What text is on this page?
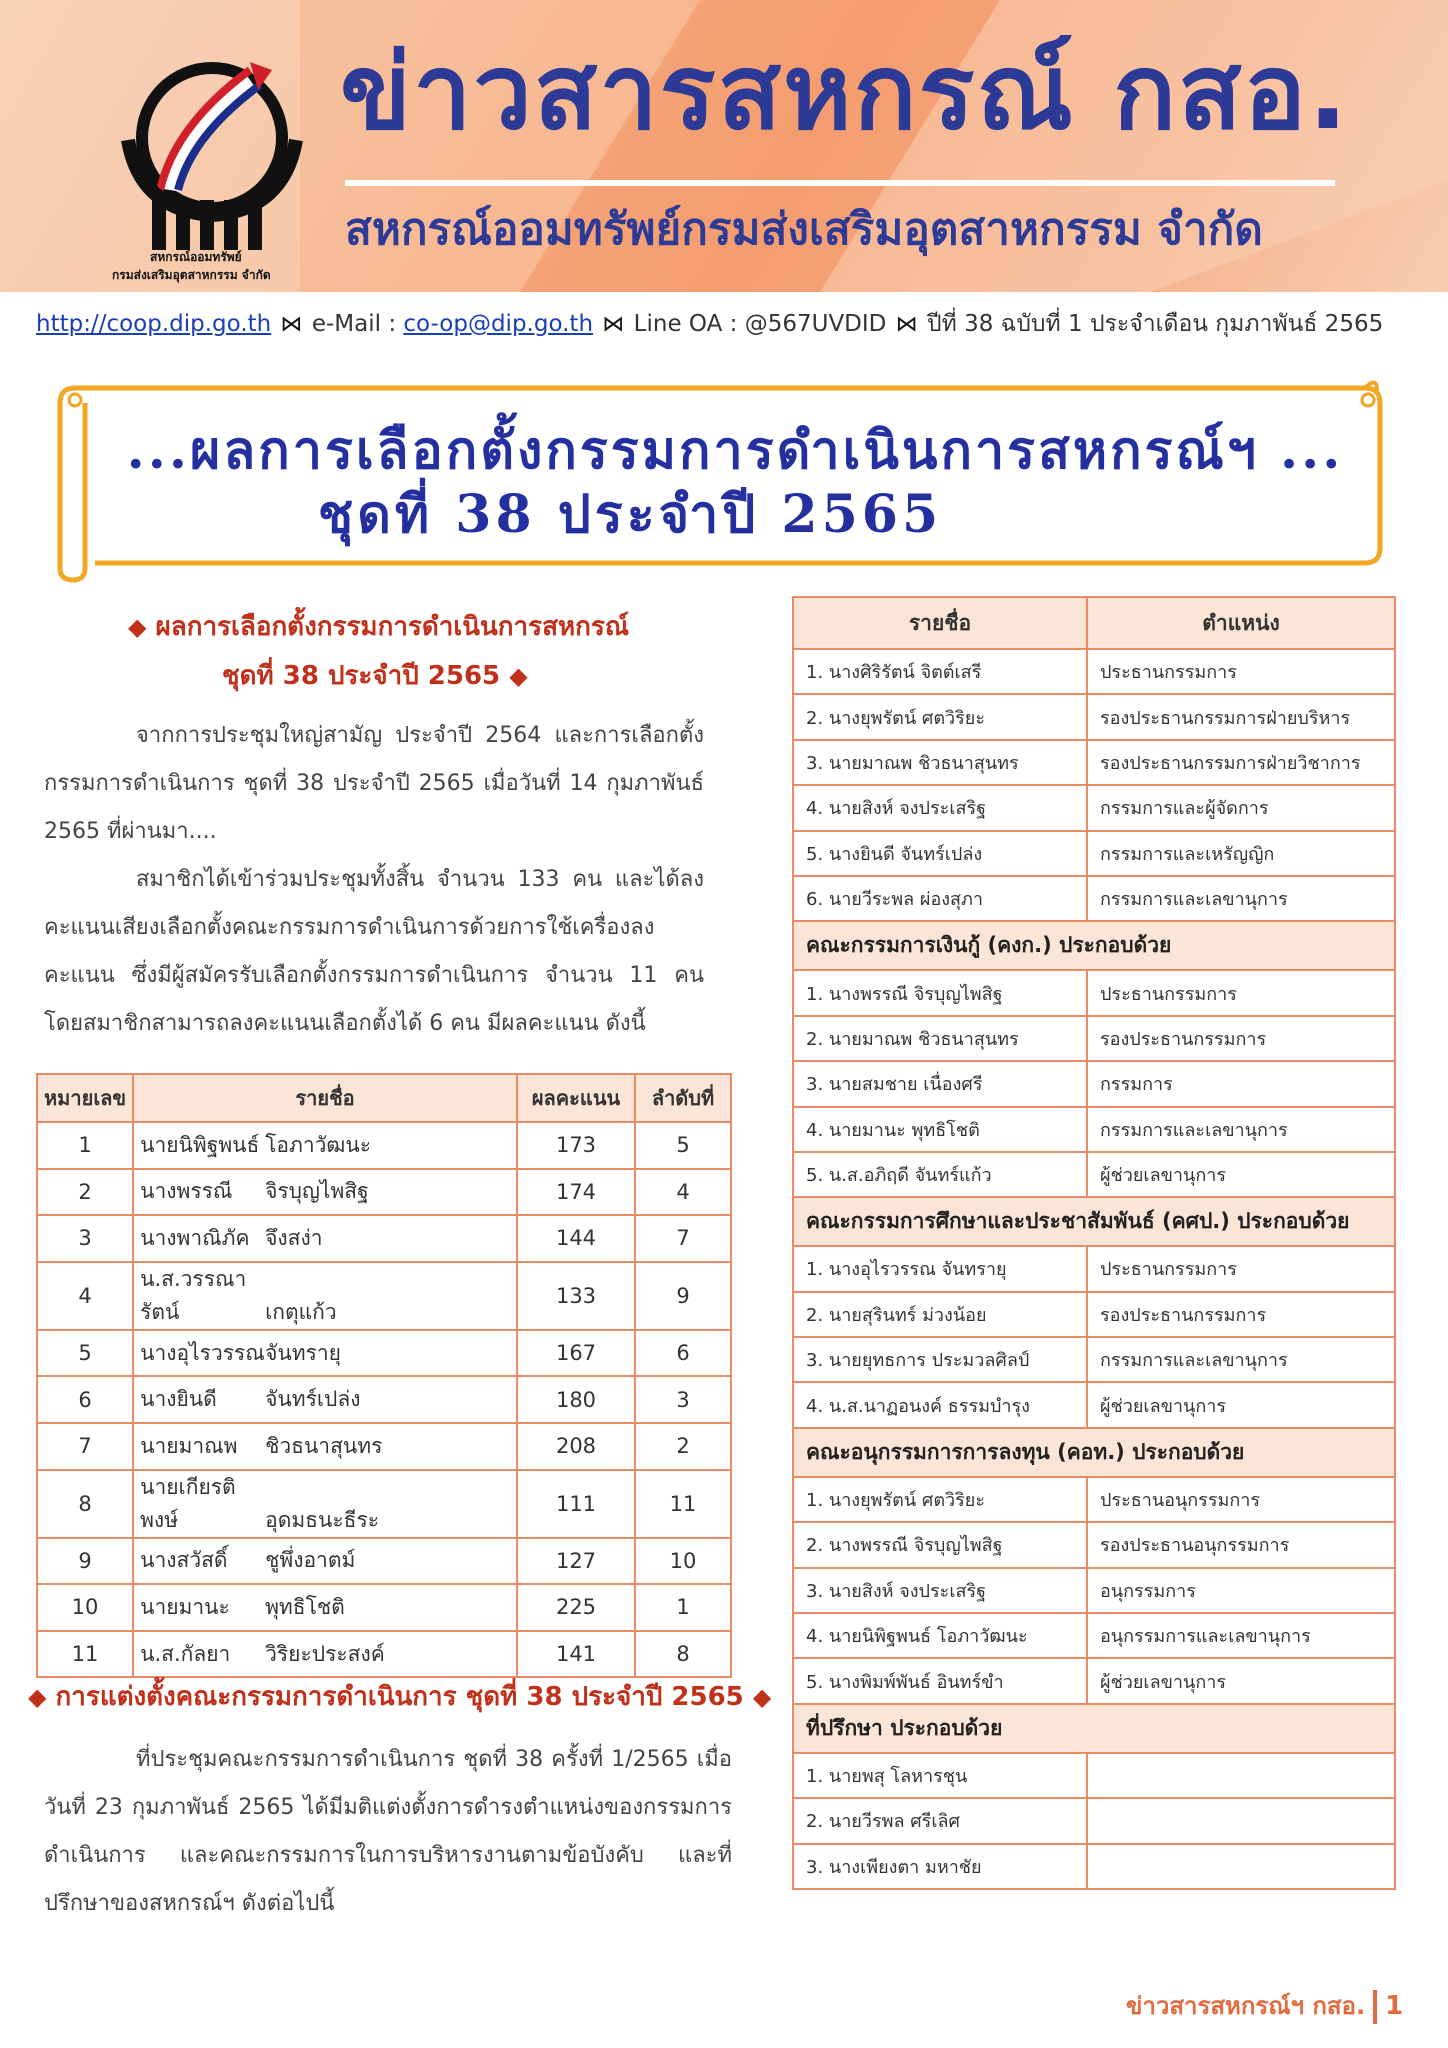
สหกรณ์ออมทรัพย์
กรมส่งเสริมอุตสาหกรรม จำกัด
ข่าวสารสหกรณ์ กสอ.
สหกรณ์ออมทรัพย์กรมส่งเสริมอุตสาหกรรม จำกัด
http://coop.dip.go.th ⋈ e-Mail : co-op@dip.go.th ⋈ Line OA : @567UVDID ⋈ ปีที่ 38 ฉบับที่ 1 ประจำเดือน กุมภาพันธ์ 2565
...ผลการเลือกตั้งกรรมการดำเนินการสหกรณ์ฯ ...
ชุดที่ 38 ประจำปี 2565
◆ ผลการเลือกตั้งกรรมการดำเนินการสหกรณ์
ชุดที่ 38 ประจำปี 2565 ◆

จากการประชุมใหญ่สามัญ ประจำปี 2564 และการเลือกตั้งกรรมการดำเนินการ ชุดที่ 38 ประจำปี 2565 เมื่อวันที่ 14 กุมภาพันธ์ 2565 ที่ผ่านมา....

สมาชิกได้เข้าร่วมประชุมทั้งสิ้น จำนวน 133 คน และได้ลงคะแนนเสียงเลือกตั้งคณะกรรมการดำเนินการด้วยการใช้เครื่องลงคะแนน ซึ่งมีผู้สมัครรับเลือกตั้งกรรมการดำเนินการ จำนวน 11 คน โดยสมาชิกสามารถลงคะแนนเลือกตั้งได้ 6 คน มีผลคะแนน ดังนี้

หมายเลข	รายชื่อ	ผลคะแนน	ลำดับที่
1	นายนิพิฐพนธ์ โอภาวัฒนะ	173	5
2	นางพรรณี จิรบุญไพสิฐ	174	4
3	นางพาณิภัค จึงสง่า	144	7
4	น.ส.วรรณารัตน์ เกตุแก้ว	133	9
5	นางอุไรวรรณจันทรายุ	167	6
6	นางยินดี จันทร์เปล่ง	180	3
7	นายมาณพ ชิวธนาสุนทร	208	2
8	นายเกียรติพงษ์ อุดมธนะธีระ	111	11
9	นางสวัสดิ์ ชูพึ่งอาตม์	127	10
10	นายมานะ พุทธิโชติ	225	1
11	น.ส.กัลยา วิริยะประสงค์	141	8
◆ การแต่งตั้งคณะกรรมการดำเนินการ ชุดที่ 38 ประจำปี 2565 ◆

ที่ประชุมคณะกรรมการดำเนินการ ชุดที่ 38 ครั้งที่ 1/2565 เมื่อวันที่ 23 กุมภาพันธ์ 2565 ได้มีมติแต่งตั้งการดำรงตำแหน่งของกรรมการดำเนินการ และคณะกรรมการในการบริหารงานตามข้อบังคับ และที่ปรึกษาของสหกรณ์ฯ ดังต่อไปนี้

รายชื่อ	ตำแหน่ง
1. นางศิริรัตน์ จิตต์เสรี	ประธานกรรมการ
2. นางยุพรัตน์ ศตวิริยะ	รองประธานกรรมการฝ่ายบริหาร
3. นายมาณพ ชิวธนาสุนทร	รองประธานกรรมการฝ่ายวิชาการ
4. นายสิงห์ จงประเสริฐ	กรรมการและผู้จัดการ
5. นางยินดี จันทร์เปล่ง	กรรมการและเหรัญญิก
6. นายวีระพล ผ่องสุภา	กรรมการและเลขานุการ
คณะกรรมการเงินกู้ (คงก.) ประกอบด้วย	
1. นางพรรณี จิรบุญไพสิฐ	ประธานกรรมการ
2. นายมาณพ ชิวธนาสุนทร	รองประธานกรรมการ
3. นายสมชาย เนื่องศรี	กรรมการ
4. นายมานะ พุทธิโชติ	กรรมการและเลขานุการ
5. น.ส.อภิฤดี จันทร์แก้ว	ผู้ช่วยเลขานุการ
คณะกรรมการศึกษาและประชาสัมพันธ์ (คศป.) ประกอบด้วย	
1. นางอุไรวรรณ จันทรายุ	ประธานกรรมการ
2. นายสุรินทร์ ม่วงน้อย	รองประธานกรรมการ
3. นายยุทธการ ประมวลศิลป์	กรรมการและเลขานุการ
4. น.ส.นาฏอนงค์ ธรรมบำรุง	ผู้ช่วยเลขานุการ
คณะอนุกรรมการการลงทุน (คอท.) ประกอบด้วย	
1. นางยุพรัตน์ ศตวิริยะ	ประธานอนุกรรมการ
2. นางพรรณี จิรบุญไพสิฐ	รองประธานอนุกรรมการ
3. นายสิงห์ จงประเสริฐ	อนุกรรมการ
4. นายนิพิฐพนธ์ โอภาวัฒนะ	อนุกรรมการและเลขานุการ
5. นางพิมพ์พันธ์ อินทร์ขำ	ผู้ช่วยเลขานุการ
ที่ปรึกษา ประกอบด้วย	
1. นายพสุ โลหารชุน	
2. นายวีรพล ศรีเลิศ	
3. นางเพียงตา มหาชัย	
ข่าวสารสหกรณ์ฯ กสอ. 1
